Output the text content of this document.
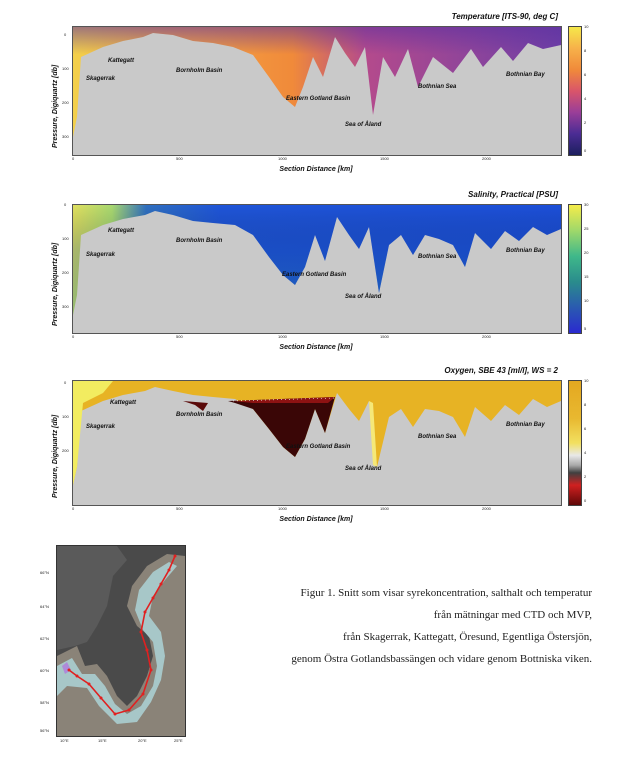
Temperature [ITS-90, deg C]
Pressure, Digiquartz [db]
Kattegatt
Skagerrak
Bornholm Basin
Eastern Gotland Basin
Sea of Åland
Bothnian Sea
Bothnian Bay
0	500	1000	1500	2000
0
100
200
300
Section Distance [km]
10
8
6
4
2
0
Salinity, Practical [PSU]
Pressure, Digiquartz [db]
Kattegatt
Skagerrak
Bornholm Basin
Eastern Gotland Basin
Sea of Åland
Bothnian Sea
Bothnian Bay
0	500	1000	1500	2000
0
100
200
300
Section Distance [km]
30
25
20
15
10
5
Oxygen, SBE 43 [ml/l], WS = 2
Pressure, Digiquartz [db]
Kattegatt
Skagerrak
Bornholm Basin
Eastern Gotland Basin
Sea of Åland
Bothnian Sea
Bothnian Bay
0	500	1000	1500	2000
0
100
200
Section Distance [km]
10
8
6
4
2
0
66°N
64°N
62°N
60°N
58°N
56°N
10°E	15°E	20°E	25°E
Figur 1. Snitt som visar syrekoncentration, salthalt och temperatur
från mätningar med CTD och MVP,
från Skagerrak, Kattegatt, Öresund, Egentliga Östersjön,
genom Östra Gotlandsbassängen och vidare genom Bottniska viken.
